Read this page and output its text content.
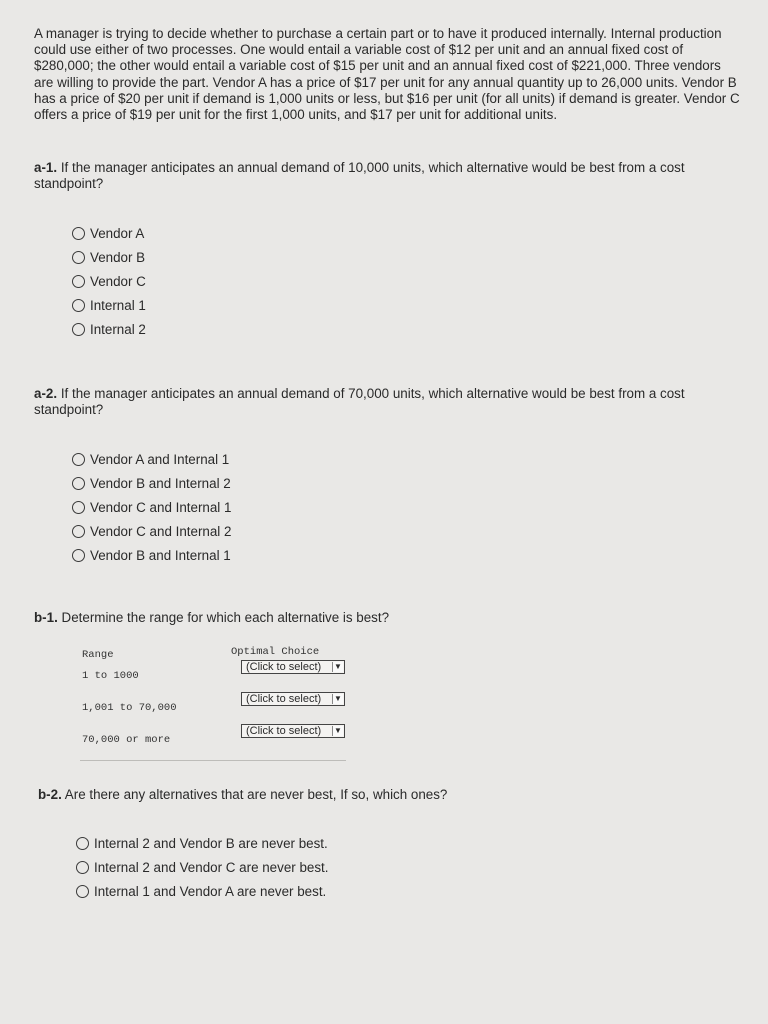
A manager is trying to decide whether to purchase a certain part or to have it produced internally. Internal production could use either of two processes. One would entail a variable cost of $12 per unit and an annual fixed cost of $280,000; the other would entail a variable cost of $15 per unit and an annual fixed cost of $221,000. Three vendors are willing to provide the part. Vendor A has a price of $17 per unit for any annual quantity up to 26,000 units. Vendor B has a price of $20 per unit if demand is 1,000 units or less, but $16 per unit (for all units) if demand is greater. Vendor C offers a price of $19 per unit for the first 1,000 units, and $17 per unit for additional units.

a-1. If the manager anticipates an annual demand of 10,000 units, which alternative would be best from a cost standpoint?

Vendor A
Vendor B
Vendor C
Internal 1
Internal 2

a-2. If the manager anticipates an annual demand of 70,000 units, which alternative would be best from a cost standpoint?

Vendor A and Internal 1
Vendor B and Internal 2
Vendor C and Internal 1
Vendor C and Internal 2
Vendor B and Internal 1

b-1. Determine the range for which each alternative is best?

Range	Optimal Choice
1 to 1000
(Click to select) ▼
1,001 to 70,000
(Click to select) ▼
70,000 or more
(Click to select) ▼

b-2. Are there any alternatives that are never best, If so, which ones?

Internal 2 and Vendor B are never best.
Internal 2 and Vendor C are never best.
Internal 1 and Vendor A are never best.
